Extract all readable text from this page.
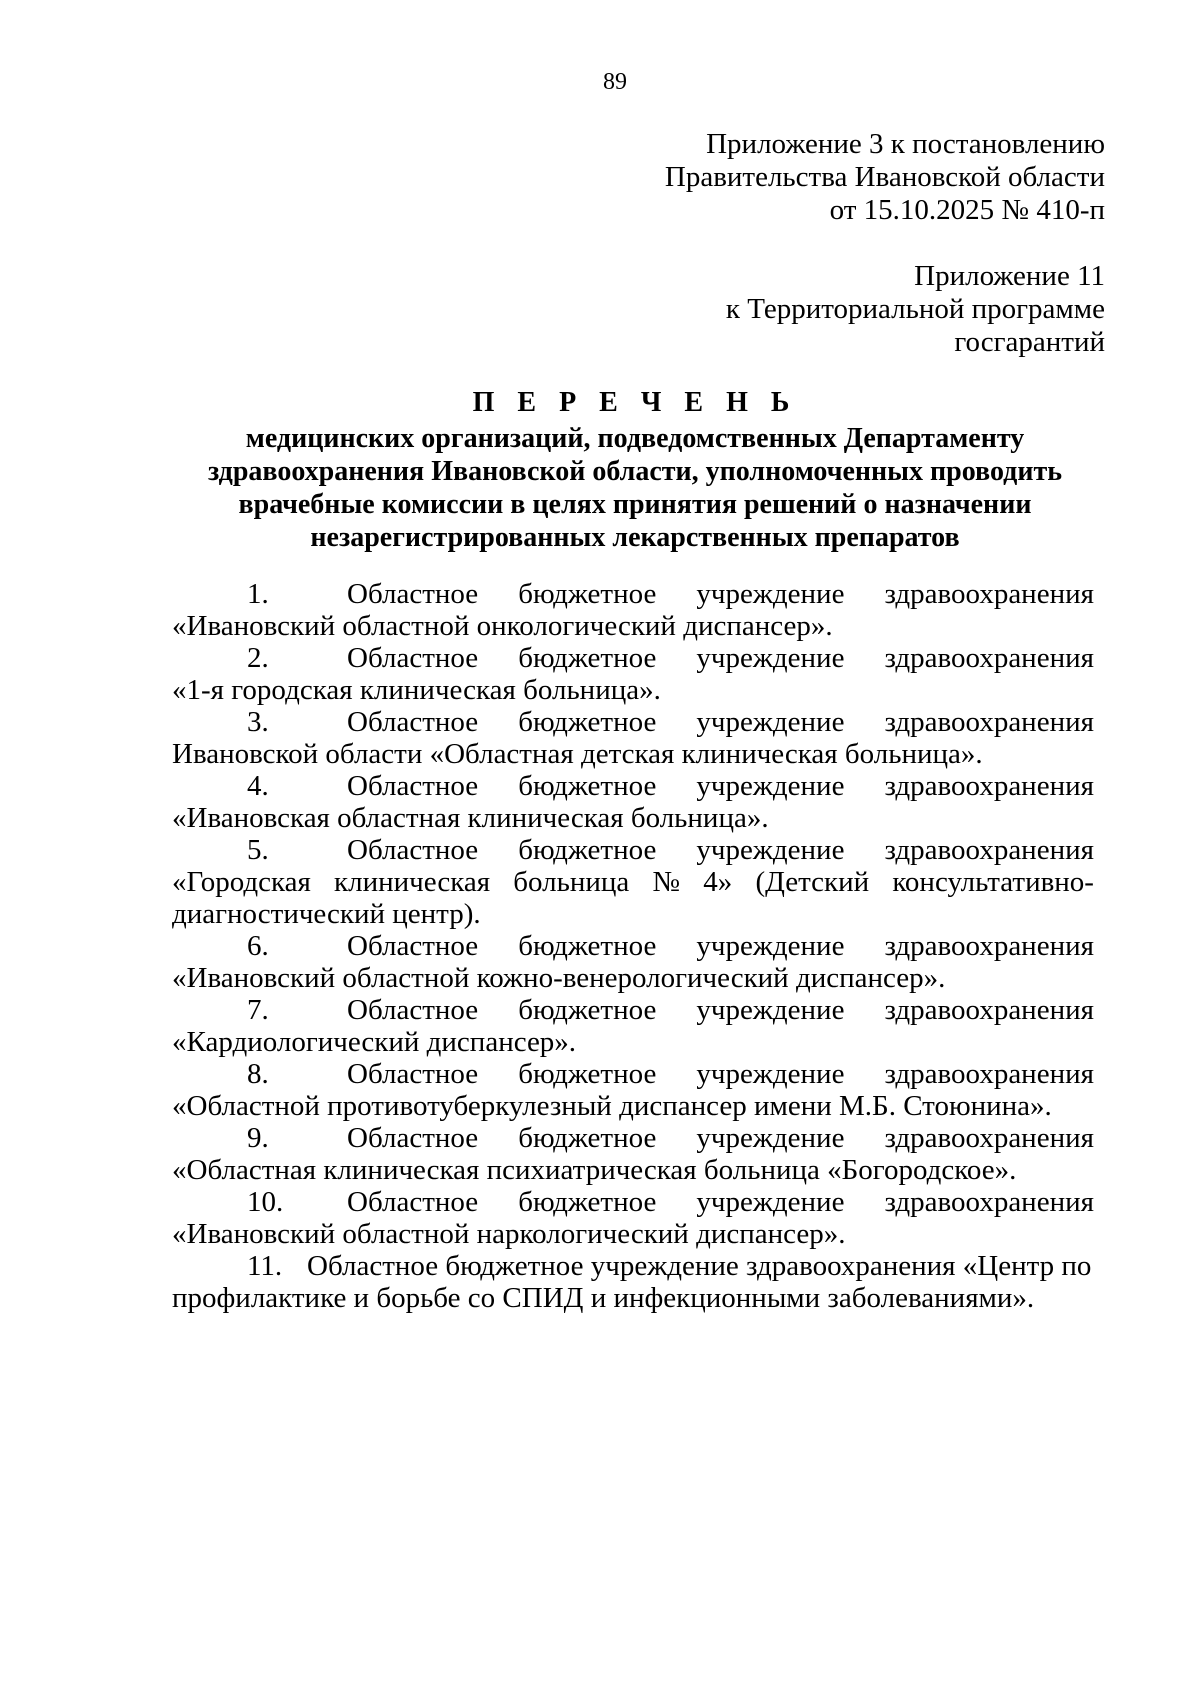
89
Приложение 3 к постановлению
Правительства Ивановской области
от 15.10.2025 № 410-п
Приложение 11
к Территориальной программе
госгарантий
П Е Р Е Ч Е Н Ь
медицинских организаций, подведомственных Департаменту
здравоохранения Ивановской области, уполномоченных проводить
врачебные комиссии в целях принятия решений о назначении
незарегистрированных лекарственных препаратов
1.	Областное бюджетное учреждение здравоохранения
«Ивановский областной онкологический диспансер».
2.	Областное бюджетное учреждение здравоохранения
«1-я городская клиническая больница».
3.	Областное бюджетное учреждение здравоохранения
Ивановской области «Областная детская клиническая больница».
4.	Областное бюджетное учреждение здравоохранения
«Ивановская областная клиническая больница».
5.	Областное бюджетное учреждение здравоохранения
«Городская клиническая больница № 4» (Детский консультативно-
диагностический центр).
6.	Областное бюджетное учреждение здравоохранения
«Ивановский областной кожно-венерологический диспансер».
7.	Областное бюджетное учреждение здравоохранения
«Кардиологический диспансер».
8.	Областное бюджетное учреждение здравоохранения
«Областной противотуберкулезный диспансер имени М.Б. Стоюнина».
9.	Областное бюджетное учреждение здравоохранения
«Областная клиническая психиатрическая больница «Богородское».
10.	Областное бюджетное учреждение здравоохранения
«Ивановский областной наркологический диспансер».
11. Областное бюджетное учреждение здравоохранения «Центр по
профилактике и борьбе со СПИД и инфекционными заболеваниями».
